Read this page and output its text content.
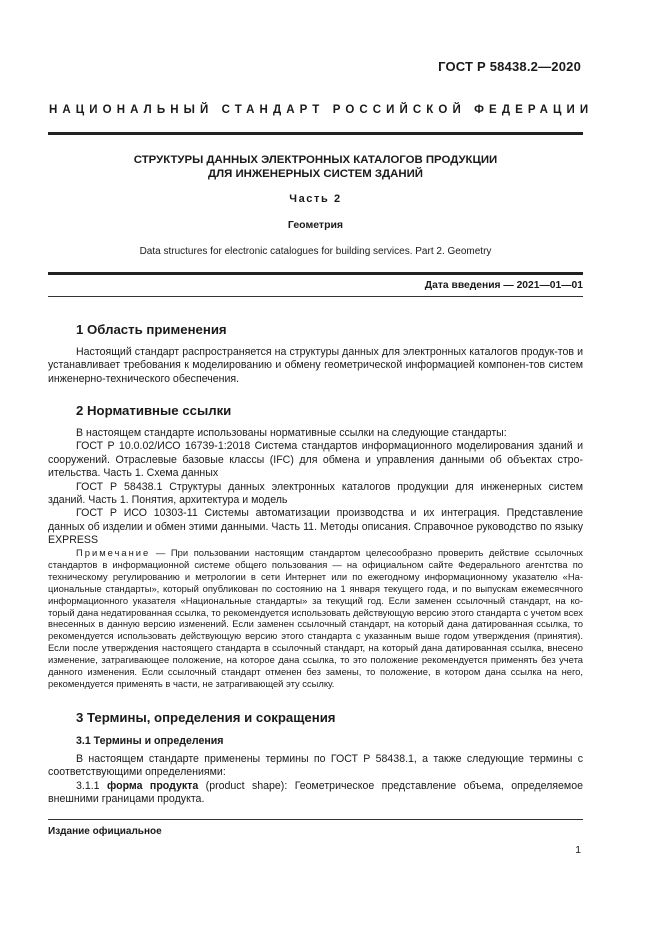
ГОСТ Р 58438.2—2020
НАЦИОНАЛЬНЫЙ СТАНДАРТ РОССИЙСКОЙ ФЕДЕРАЦИИ
СТРУКТУРЫ ДАННЫХ ЭЛЕКТРОННЫХ КАТАЛОГОВ ПРОДУКЦИИ
ДЛЯ ИНЖЕНЕРНЫХ СИСТЕМ ЗДАНИЙ
Часть 2
Геометрия
Data structures for electronic catalogues for building services. Part 2. Geometry
Дата введения — 2021—01—01
1 Область применения

Настоящий стандарт распространяется на структуры данных для электронных каталогов продук-тов и устанавливает требования к моделированию и обмену геометрической информацией компонен-тов систем инженерно-технического обеспечения.

2 Нормативные ссылки

В настоящем стандарте использованы нормативные ссылки на следующие стандарты:

ГОСТ Р 10.0.02/ИСО 16739-1:2018 Система стандартов информационного моделирования зданий и сооружений. Отраслевые базовые классы (IFC) для обмена и управления данными об объектах стро-ительства. Часть 1. Схема данных

ГОСТ Р 58438.1 Структуры данных электронных каталогов продукции для инженерных систем зданий. Часть 1. Понятия, архитектура и модель

ГОСТ Р ИСО 10303-11 Системы автоматизации производства и их интеграция. Представление данных об изделии и обмен этими данными. Часть 11. Методы описания. Справочное руководство по языку EXPRESS

Примечание — При пользовании настоящим стандартом целесообразно проверить действие ссылочных стандартов в информационной системе общего пользования — на официальном сайте Федерального агентства по техническому регулированию и метрологии в сети Интернет или по ежегодному информационному указателю «На-циональные стандарты», который опубликован по состоянию на 1 января текущего года, и по выпускам ежемесячного информационного указателя «Национальные стандарты» за текущий год. Если заменен ссылочный стандарт, на ко-торый дана недатированная ссылка, то рекомендуется использовать действующую версию этого стандарта с учетом всех внесенных в данную версию изменений. Если заменен ссылочный стандарт, на который дана датированная ссылка, то рекомендуется использовать действующую версию этого стандарта с указанным выше годом утверждения (принятия). Если после утверждения настоящего стандарта в ссылочный стандарт, на который дана датированная ссылка, внесено изменение, затрагивающее положение, на которое дана ссылка, то это положение рекомендуется применять без учета данного изменения. Если ссылочный стандарт отменен без замены, то положение, в котором дана ссылка на него, рекомендуется применять в части, не затрагивающей эту ссылку.

3 Термины, определения и сокращения
3.1 Термины и определения

В настоящем стандарте применены термины по ГОСТ Р 58438.1, а также следующие термины с соответствующими определениями:

3.1.1 форма продукта (product shape): Геометрическое представление объема, определяемое внешними границами продукта.

Издание официальное
1
